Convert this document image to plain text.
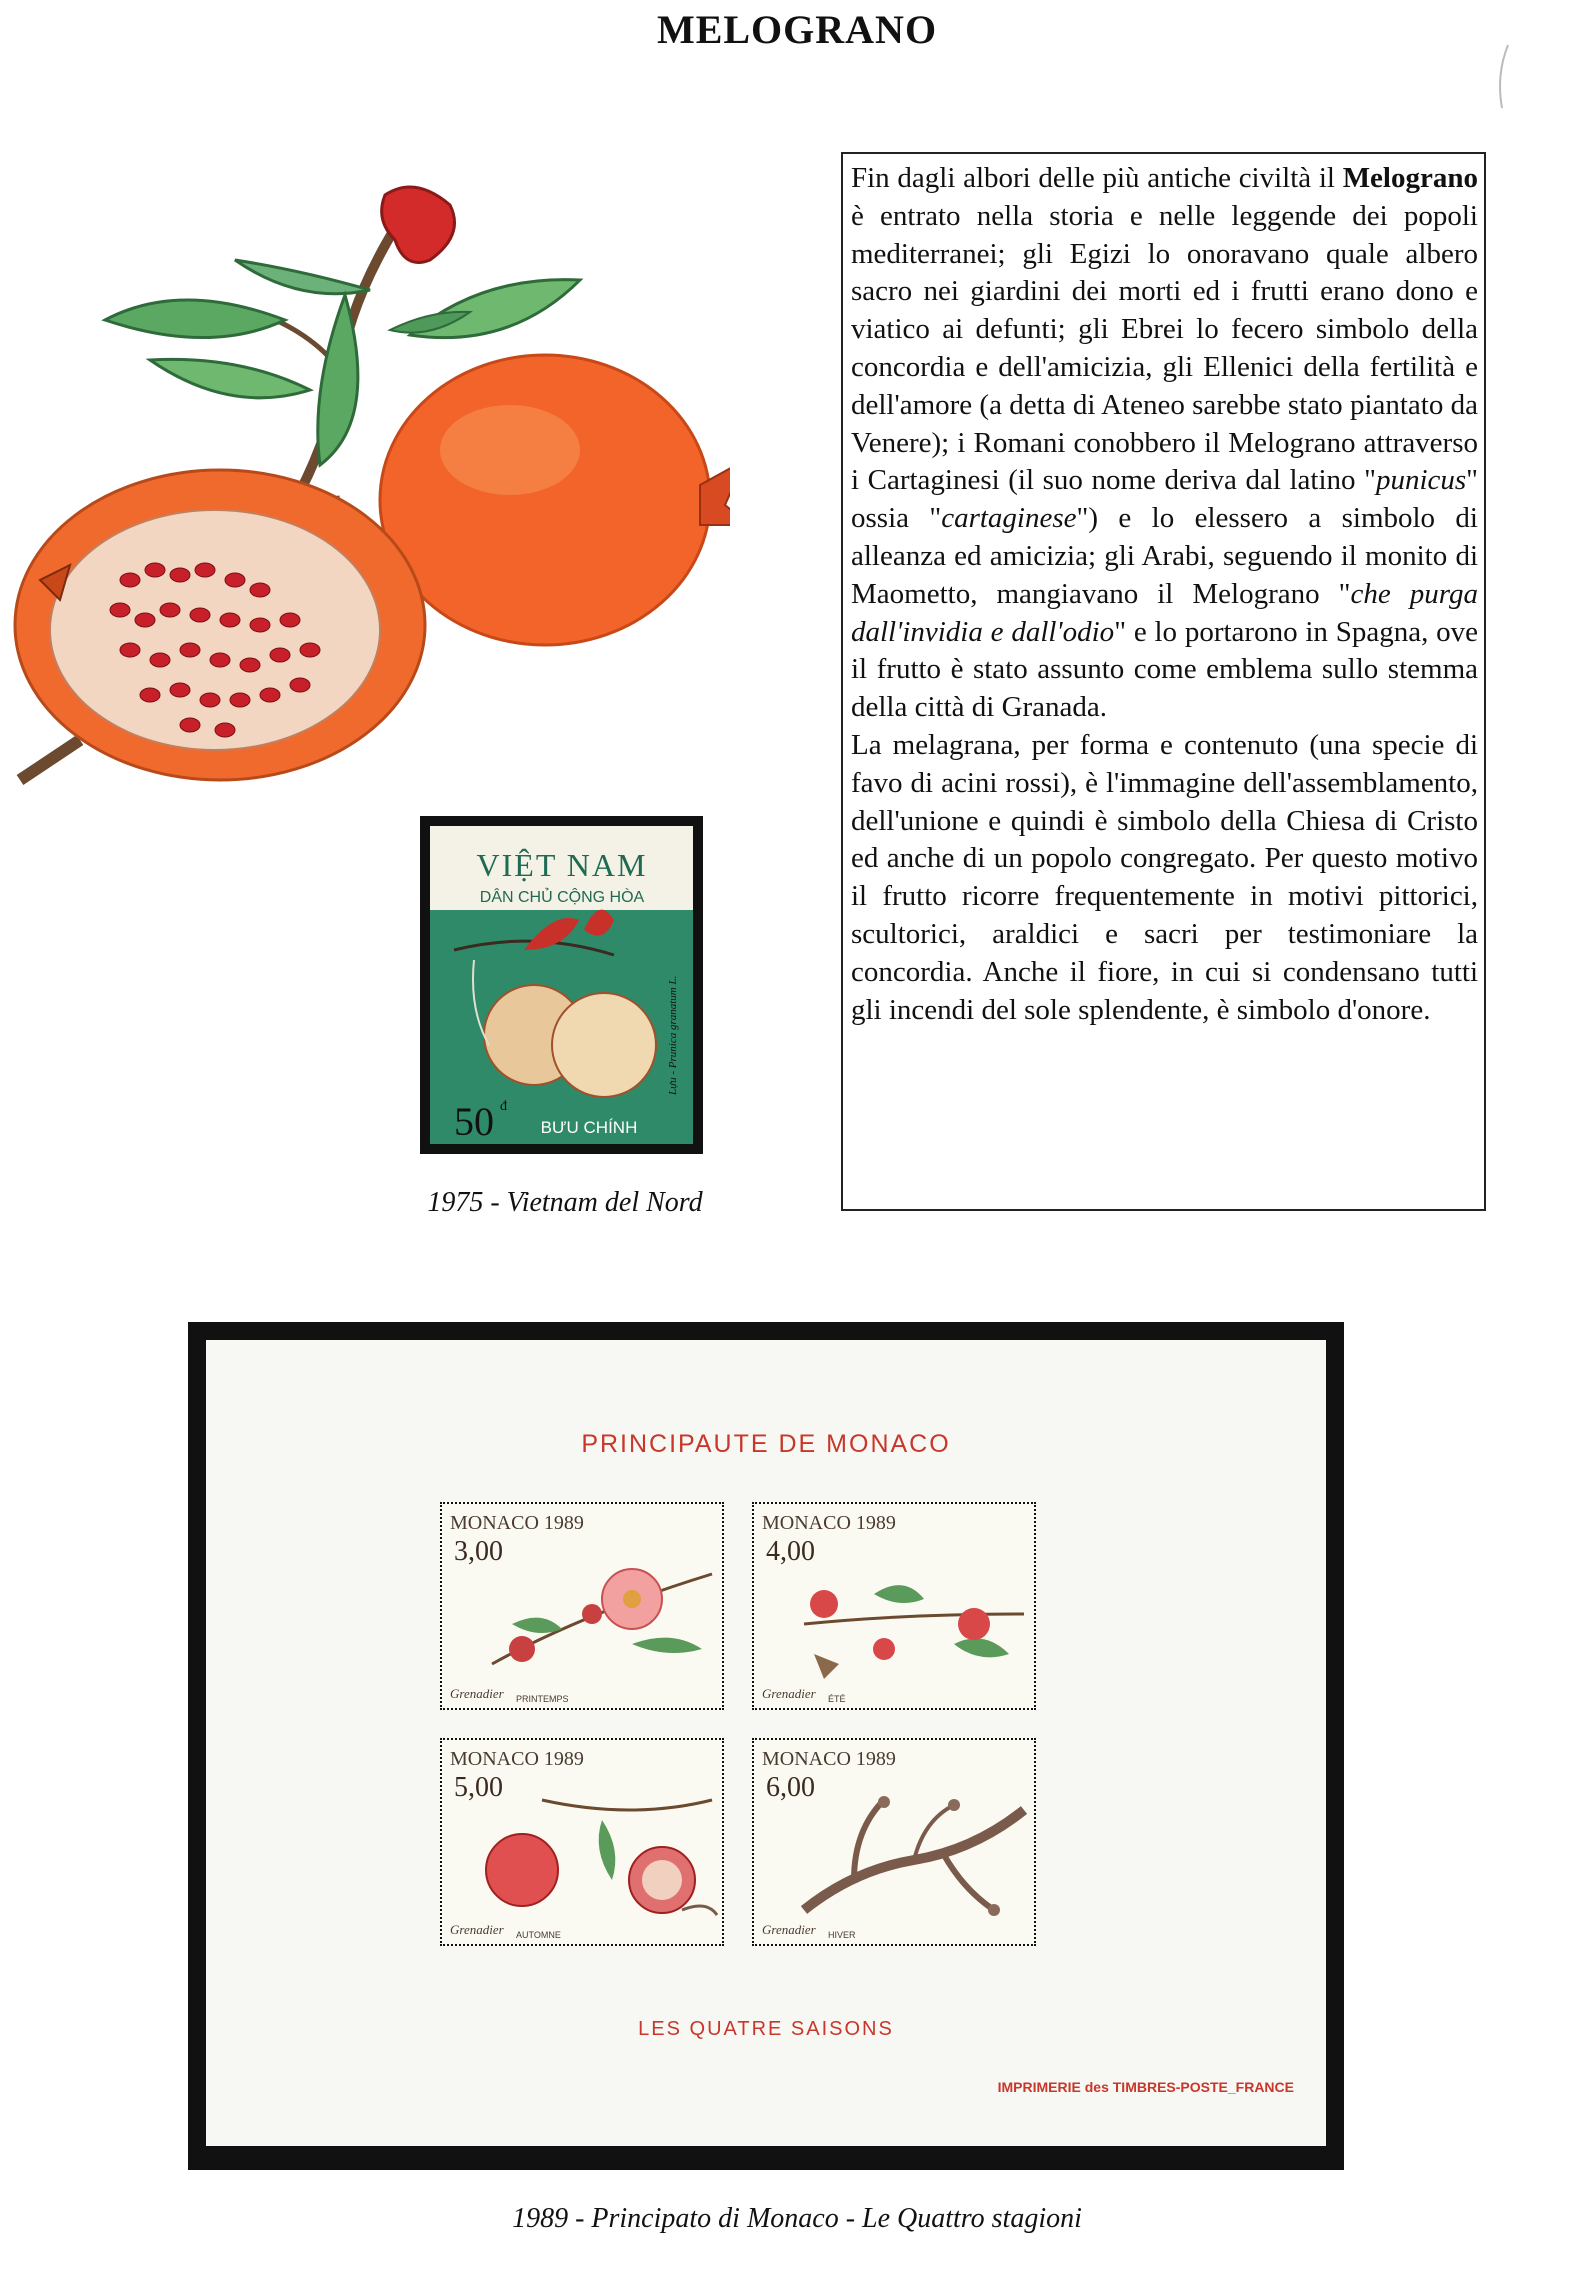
MELOGRANO

Fin dagli albori delle più antiche civiltà il Melograno è entrato nella storia e nelle leggende dei popoli mediterranei; gli Egizi lo onoravano quale albero sacro nei giardini dei morti ed i frutti erano dono e viatico ai defunti; gli Ebrei lo fecero simbolo della concordia e dell'amicizia, gli Ellenici della fertilità e dell'amore (a detta di Ateneo sarebbe stato piantato da Venere); i Romani conobbero il Melograno attraverso i Cartaginesi (il suo nome deriva dal latino "punicus" ossia "cartaginese") e lo elessero a simbolo di alleanza ed amicizia; gli Arabi, seguendo il monito di Maometto, mangiavano il Melograno "che purga dall'invidia e dall'odio" e lo portarono in Spagna, ove il frutto è stato assunto come emblema sullo stemma della città di Granada.

La melagrana, per forma e contenuto (una specie di favo di acini rossi), è l'immagine dell'assemblamento, dell'unione e quindi è simbolo della Chiesa di Cristo ed anche di un popolo congregato. Per questo motivo il frutto ricorre frequentemente in motivi pittorici, scultorici, araldici e sacri per testimoniare la concordia. Anche il fiore, in cui si condensano tutti gli incendi del sole splendente, è simbolo d'onore.

VIỆT NAM
DÂN CHỦ CỘNG HÒA
50 đ
BƯU CHÍNH
Lựu - Prunica granatum L.
1975 - Vietnam del Nord
PRINCIPAUTE DE MONACO
MONACO 1989
3,00
Grenadier PRINTEMPS
MONACO 1989
4,00
Grenadier ÉTÉ
MONACO 1989
5,00
Grenadier AUTOMNE
MONACO 1989
6,00
Grenadier HIVER
LES QUATRE SAISONS
IMPRIMERIE des TIMBRES-POSTE_FRANCE
1989 - Principato di Monaco - Le Quattro stagioni
